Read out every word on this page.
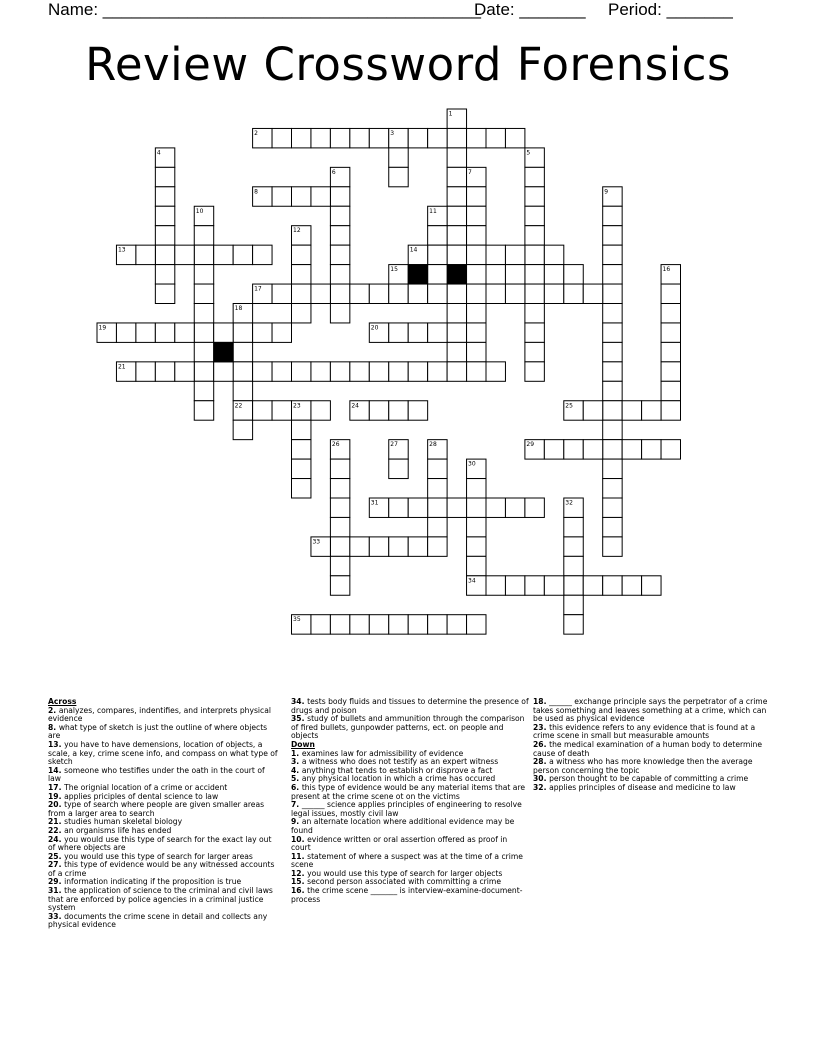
Name: ________________________________________
Date: _______ Period: _______
Review Crossword Forensics
1
2	3
4	5
6	7
8	9
10	11
12
13	14
15	16
17
18
19	20
21
22	23	24	25
26	27	28	29
30
31	32
33
34
35
Across
2. analyzes, compares, indentifies, and interprets physical evidence
8. what type of sketch is just the outline of where objects are
13. you have to have demensions, location of objects, a scale, a key, crime scene info, and compass on what type of sketch
14. someone who testifies under the oath in the court of law
17. The orignial location of a crime or accident
19. applies priciples of dental science to law
20. type of search where people are given smaller areas from a larger area to search
21. studies human skeletal biology
22. an organisms life has ended
24. you would use this type of search for the exact lay out of where objects are
25. you would use this type of search for larger areas
27. this type of evidence would be any witnessed accounts of a crime
29. information indicating if the proposition is true
31. the application of science to the criminal and civil laws that are enforced by police agencies in a criminal justice system
33. documents the crime scene in detail and collects any physical evidence
34. tests body fluids and tissues to determine the presence of drugs and poison
35. study of bullets and ammunition through the comparison of fired bullets, gunpowder patterns, ect. on people and objects
Down
1. examines law for admissibility of evidence
3. a witness who does not testify as an expert witness
4. anything that tends to establish or disprove a fact
5. any physical location in which a crime has occured
6. this type of evidence would be any material items that are present at the crime scene ot on the victims
7. ______ science applies principles of engineering to resolve legal issues, mostly civil law
9. an alternate location where additional evidence may be found
10. evidence written or oral assertion offered as proof in court
11. statement of where a suspect was at the time of a crime scene
12. you would use this type of search for larger objects
15. second person associated with committing a crime
16. the crime scene _______ is interview-examine-document-process
18. ______ exchange principle says the perpetrator of a crime takes something and leaves something at a crime, which can be used as physical evidence
23. this evidence refers to any evidence that is found at a crime scene in small but measurable amounts
26. the medical examination of a human body to determine cause of death
28. a witness who has more knowledge then the average person concerning the topic
30. person thought to be capable of committing a crime
32. applies principles of disease and medicine to law
